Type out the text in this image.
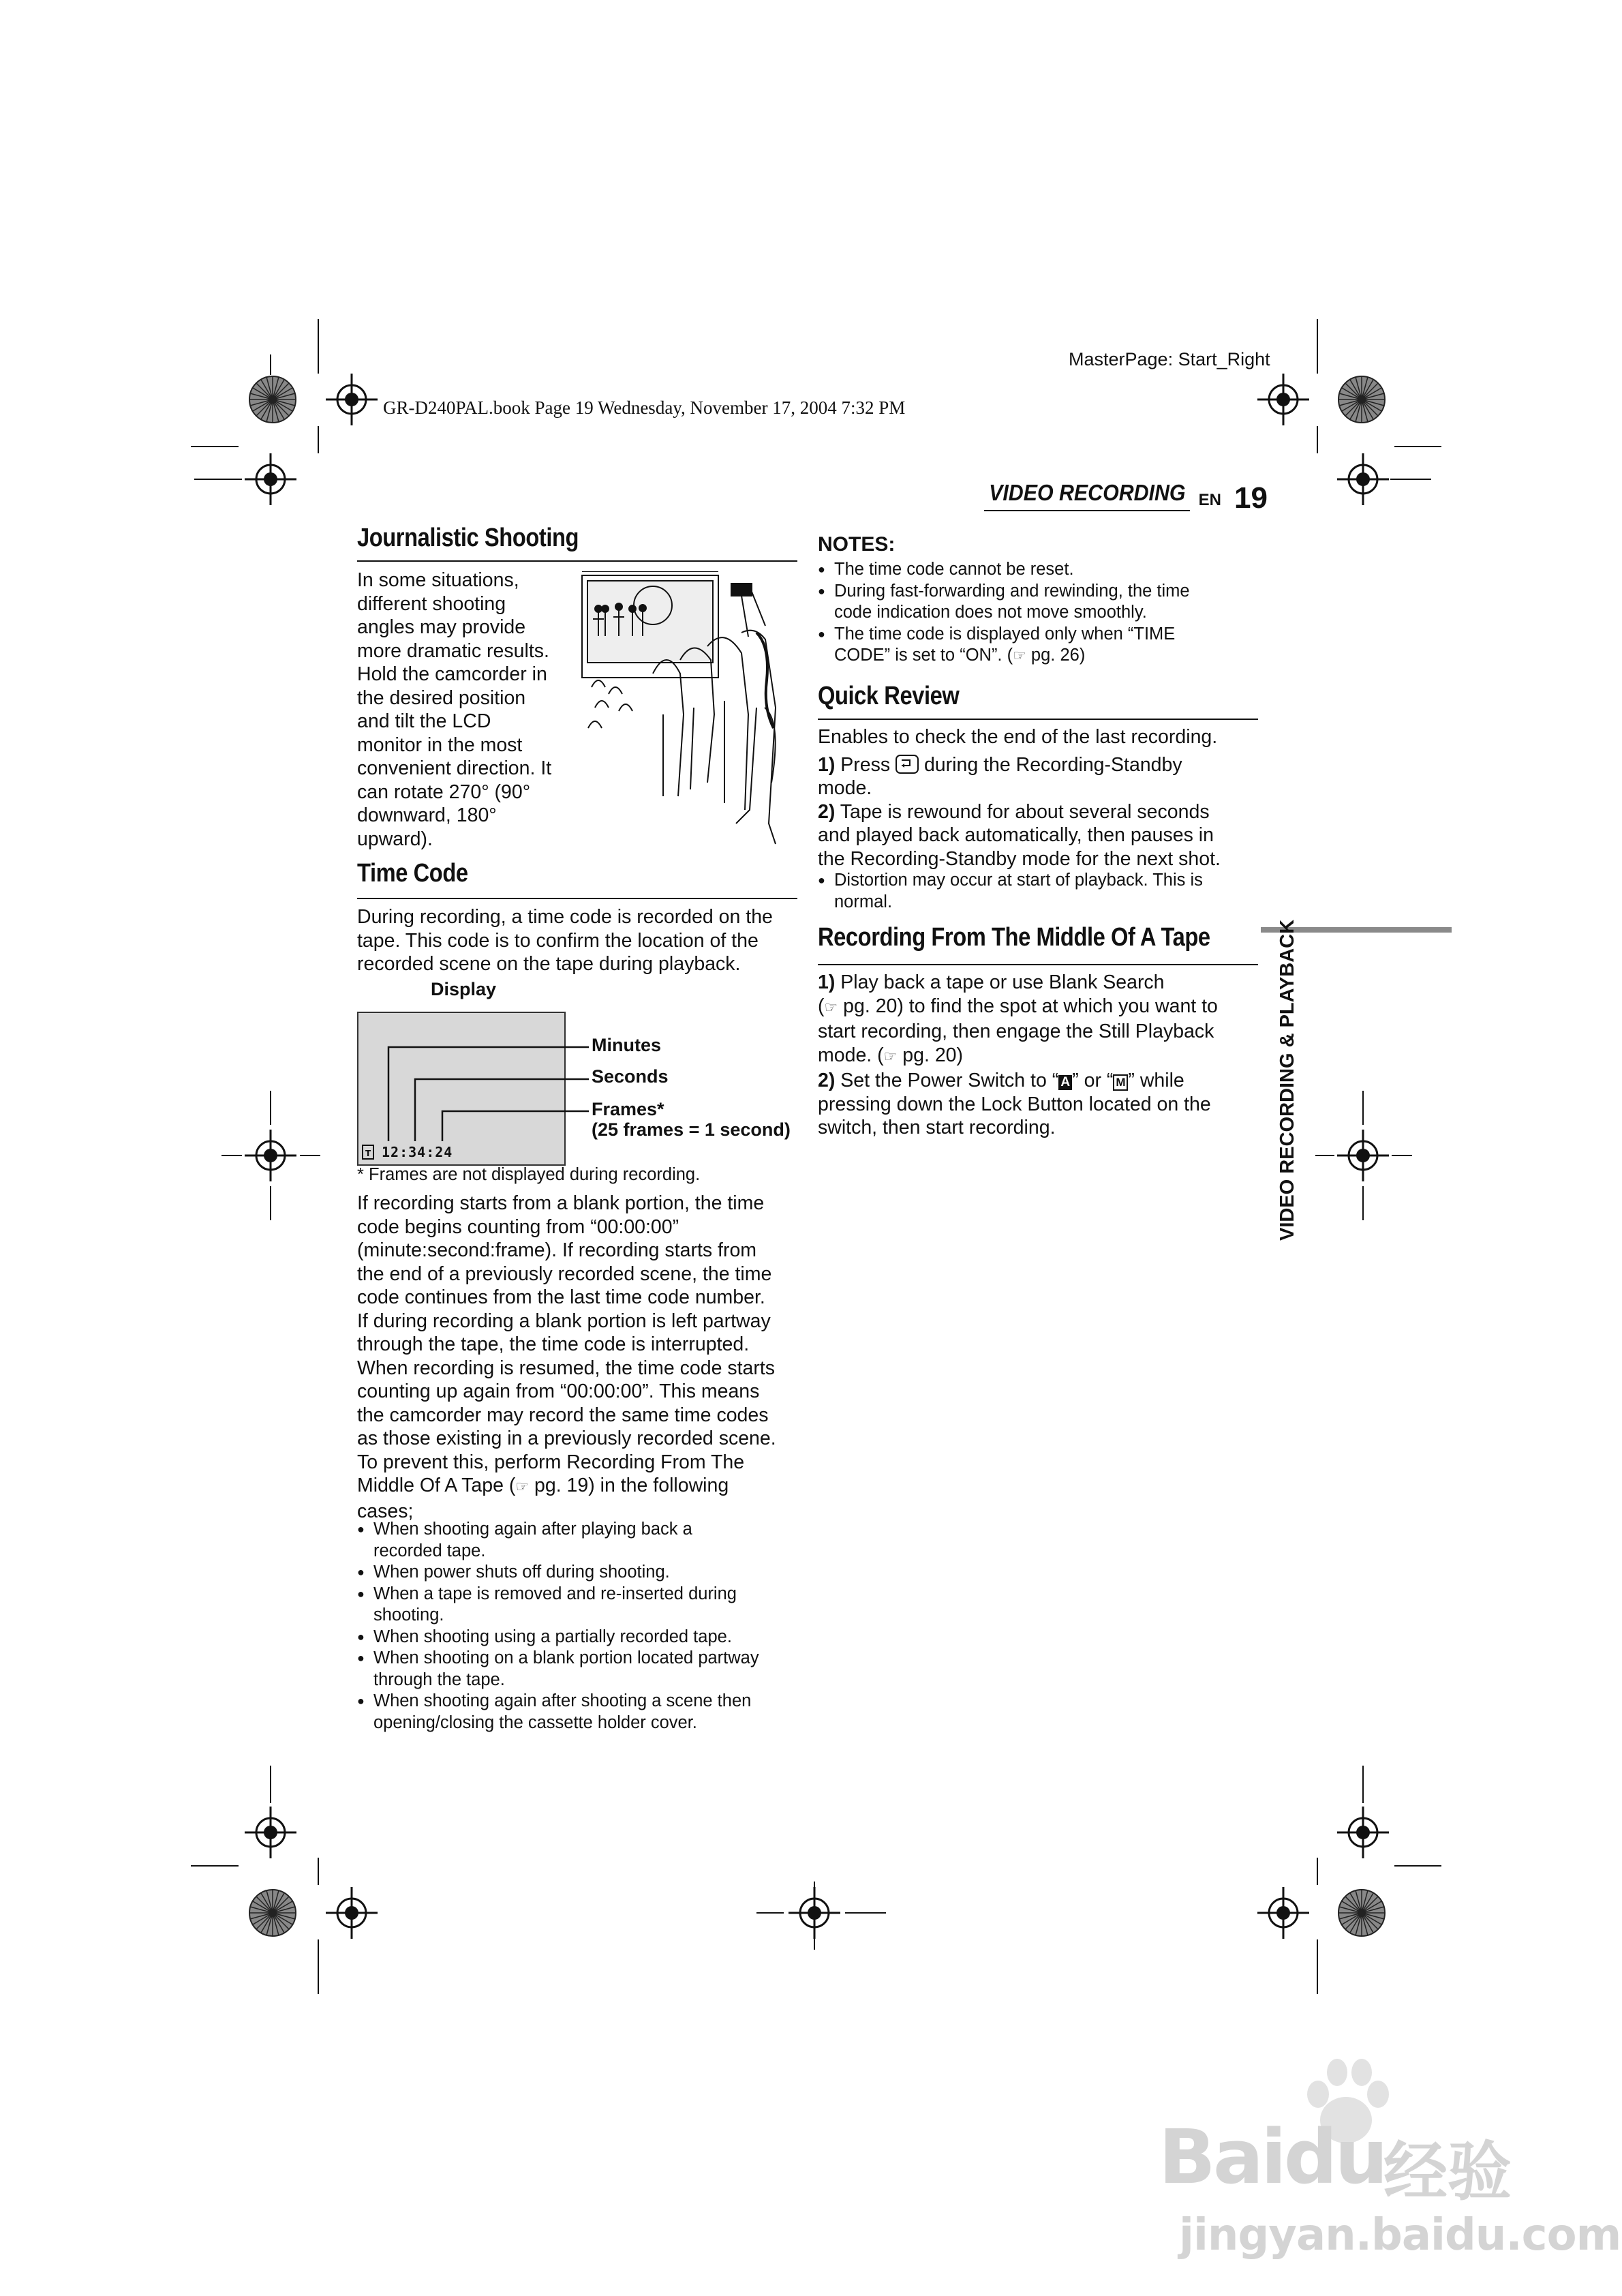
MasterPage: Start_Right
GR-D240PAL.book Page 19 Wednesday, November 17, 2004 7:32 PM
VIDEO RECORDING EN 19
Journalistic Shooting
In some situations,
different shooting
angles may provide
more dramatic results.
Hold the camcorder in
the desired position
and tilt the LCD
monitor in the most
convenient direction. It
can rotate 270° (90°
downward, 180°
upward).
Time Code
During recording, a time code is recorded on the
tape. This code is to confirm the location of the
recorded scene on the tape during playback.
Display
T 12:34:24
Minutes
Seconds
Frames*
(25 frames = 1 second)
* Frames are not displayed during recording.
If recording starts from a blank portion, the time
code begins counting from “00:00:00”
(minute:second:frame). If recording starts from
the end of a previously recorded scene, the time
code continues from the last time code number.
If during recording a blank portion is left partway
through the tape, the time code is interrupted.
When recording is resumed, the time code starts
counting up again from “00:00:00”. This means
the camcorder may record the same time codes
as those existing in a previously recorded scene.
To prevent this, perform Recording From The
Middle Of A Tape (☞ pg. 19) in the following
cases;
● When shooting again after playing back a
recorded tape.
● When power shuts off during shooting.
● When a tape is removed and re-inserted during
shooting.
● When shooting using a partially recorded tape.
● When shooting on a blank portion located partway
through the tape.
● When shooting again after shooting a scene then
opening/closing the cassette holder cover.
NOTES:
● The time code cannot be reset.
● During fast-forwarding and rewinding, the time
code indication does not move smoothly.
● The time code is displayed only when “TIME
CODE” is set to “ON”. (☞ pg. 26)
Quick Review
Enables to check the end of the last recording.
1) Press
during the Recording-Standby
mode.
2) Tape is rewound for about several seconds
and played back automatically, then pauses in
the Recording-Standby mode for the next shot.
● Distortion may occur at start of playback. This is
normal.
Recording From The Middle Of A Tape
1) Play back a tape or use Blank Search
(☞ pg. 20) to find the spot at which you want to
start recording, then engage the Still Playback
mode. (☞ pg. 20)
2) Set the Power Switch to “ A ” or “ M ” while
pressing down the Lock Button located on the
switch, then start recording.	VIDEO RECORDING & PLAYBACK
Baidu
经验
jingyan.baidu.com
